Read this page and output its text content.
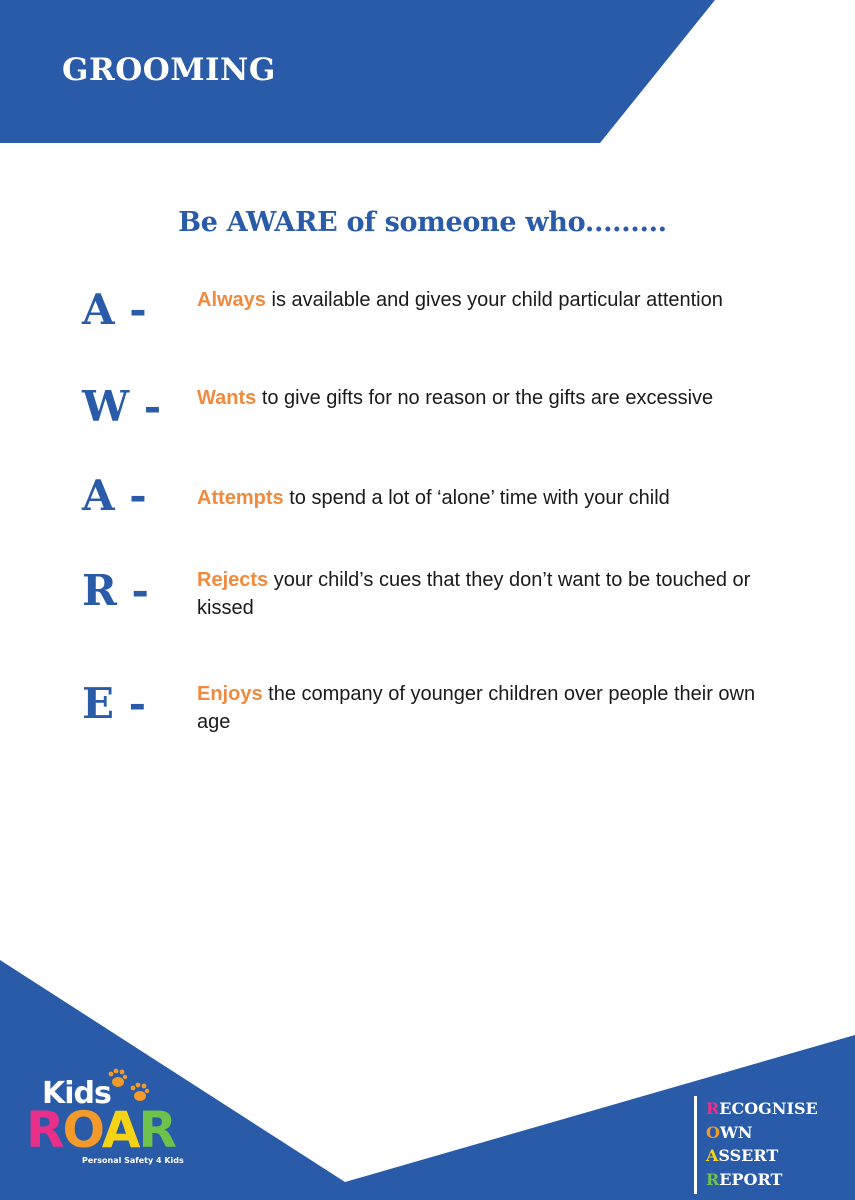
GROOMING
Be AWARE of someone who.........
A -	Always is available and gives your child particular attention
W -	Wants to give gifts for no reason or the gifts are excessive
A -	Attempts to spend a lot of ‘alone’ time with your child
R -	Rejects your child’s cues that they don’t want to be touched or kissed
E -	Enjoys the company of younger children over people their own age
Kids
ROAR
Personal Safety 4 Kids
RECOGNISE
OWN
ASSERT
REPORT
